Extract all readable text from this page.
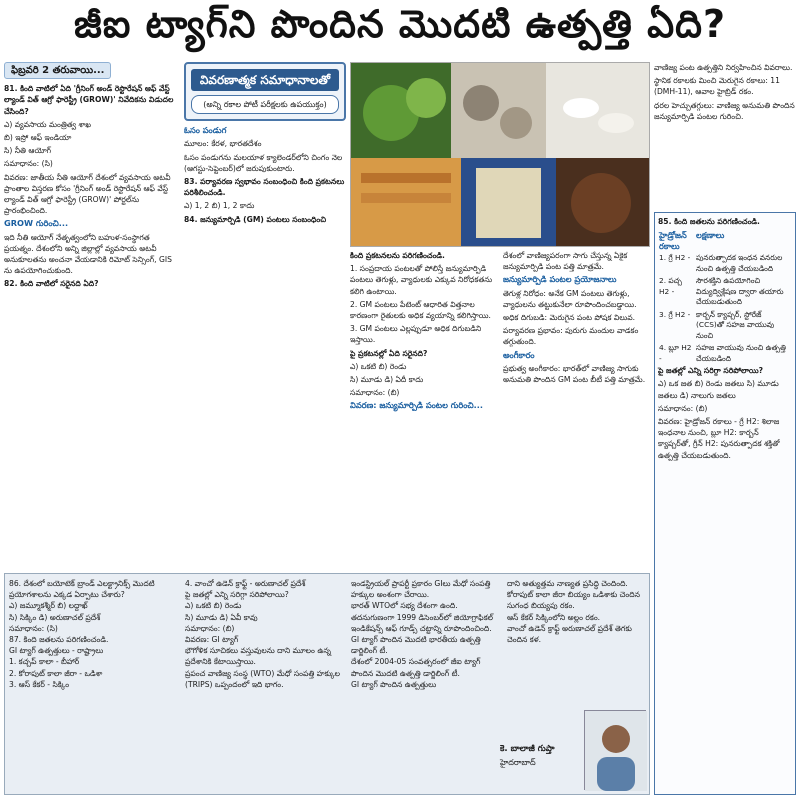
జీఐ ట్యాగ్‌ని పొందిన మొదటి ఉత్పత్తి ఏది?
ఫిబ్రవరి 2 తరువాయి...

81. కింది వాటిలో ఏది 'గ్రీనింగ్ అండ్ రెస్టొరేషన్ ఆఫ్ వేస్ట్ ల్యాండ్ విత్ ఆగ్రో ఫారెస్ట్రీ (GROW)' నివేదికను విడుదల చేసింది?

ఎ) వ్యవసాయ మంత్రిత్వ శాఖ

బి) ఇస్రో ఆఫ్ ఇండియా

సి) నీతి ఆయోగ్

సమాధానం: (సి)

వివరణ: జాతీయ నీతి ఆయోగ్ దేశంలో వ్యవసాయ అటవీ ప్రాంతాల విస్తరణ కోసం 'గ్రీనింగ్ అండ్ రెస్టొరేషన్ ఆఫ్ వేస్ట్ ల్యాండ్ విత్ ఆగ్రో ఫారెస్ట్రీ (GROW)' పోర్టల్‌ను ప్రారంభించింది.

GROW గురించి...

ఇది నీతి ఆయోగ్ నేతృత్వంలోని బహుళ-సంస్థాగత ప్రయత్నం. దేశంలోని అన్ని జిల్లాల్లో వ్యవసాయ అటవీ అనుకూలతను అంచనా వేయడానికి రిమోట్ సెన్సింగ్, GIS ను ఉపయోగించుకుంది.

82. కింది వాటిలో సరైనది ఏది?

వివరణాత్మక సమాధానాలతో
(అన్ని రకాల పోటీ పరీక్షలకు ఉపయుక్తం)

ఓసం పండుగ

మూలం: కేరళ, భారతదేశం

ఓసం పండుగను మలయాళ క్యాలెండర్‌లోని చింగం నెల (ఆగస్టు-సెప్టెంబర్)లో జరుపుకుంటారు.

83. పర్యావరణ స్వభావం సంబంధించి కింది ప్రకటనలు పరిశీలించండి.

ఎ) 1, 2 బి) 1, 2 కాదు

84. జన్యుమార్పిడి (GM) పంటలు సంబంధించి

కింది ప్రకటనలను పరిగణించండి.

1. సంప్రదాయ పంటలతో పోలిస్తే జన్యుమార్పిడి పంటలు తెగుళ్లు, వ్యాధులకు ఎక్కువ నిరోధకతను కలిగి ఉంటాయి.

2. GM పంటలు పేటెంట్ ఆధారిత విత్తనాల కారణంగా రైతులకు అధిక వ్యయాన్ని కలిగిస్తాయి.

3. GM పంటలు ఎల్లప్పుడూ అధిక దిగుబడిని ఇస్తాయి.

పై ప్రకటనల్లో ఏది సరైనది?

ఎ) ఒకటి బి) రెండు

సి) మూడు డి) ఏదీ కాదు

సమాధానం: (బి)

వివరణ: జన్యుమార్పిడి పంటల గురించి...

దేశంలో వాణిజ్యపరంగా సాగు చేస్తున్న ఏకైక జన్యుమార్పిడి పంట పత్తి మాత్రమే.

జన్యుమార్పిడి పంటల ప్రయోజనాలు

తెగుళ్ల నిరోధం: అనేక GM పంటలు తెగుళ్లు, వ్యాధులను తట్టుకునేలా రూపొందించబడ్డాయి.

అధిక దిగుబడి: మెరుగైన పంట పోషక విలువ.

పర్యావరణ ప్రభావం: పురుగు మందుల వాడకం తగ్గుతుంది.

అంగీకారం

ప్రభుత్వ అంగీకారం: భారత్‌లో వాణిజ్య సాగుకు అనుమతి పొందిన GM పంట బీటీ పత్తి మాత్రమే.

వాణిజ్య పంట ఉత్పత్తిని నిర్వహించిన వివరాలు.

స్థానిక రకాలకు మించి మెరుగైన రకాలు: 11 (DMH-11), ఆవాల హైబ్రిడ్ రకం.

ధరల హెచ్చుతగ్గులు: వాణిజ్య అనుమతి పొందిన జన్యుమార్పిడి పంటల గురించి.

85. కింది జతలను పరిగణించండి.

హైడ్రోజన్ రకాలు	లక్షణాలు
1. గ్రే H2 -	పునరుత్పాదక ఇంధన వనరుల నుంచి ఉత్పత్తి చేయబడింది
2. పచ్చ H2 -	సౌరశక్తిని ఉపయోగించి విద్యుద్విశ్లేషణ ద్వారా తయారు చేయబడుతుంది
3. గ్రే H2 -	కార్బన్ క్యాప్చర్, స్టోరేజ్ (CCS)తో సహజ వాయువు నుంచి
4. బ్లూ H2 -	సహజ వాయువు నుంచి ఉత్పత్తి చేయబడింది

పై జతల్లో ఎన్ని సరిగ్గా సరిపోలాయి?

ఎ) ఒక జత బి) రెండు జతలు సి) మూడు జతలు డి) నాలుగు జతలు

సమాధానం: (బి)

వివరణ: హైడ్రోజన్ రకాలు - గ్రే H2: శిలాజ ఇంధనాల నుంచి, బ్లూ H2: కార్బన్ క్యాప్చర్‌తో, గ్రీన్ H2: పునరుత్పాదక శక్తితో ఉత్పత్తి చేయబడుతుంది.

86. దేశంలో బయోటెక్ బ్రాండ్ ఎలక్ట్రానిక్స్ మొదటి ప్రయోగశాలను ఎక్కడ ఏర్పాటు చేశారు?

ఎ) జమ్మూకశ్మీర్ బి) లద్దాఖ్

సి) సిక్కిం డి) అరుణాచల్ ప్రదేశ్

సమాధానం: (సి)

87. కింది జతలను పరిగణించండి.

GI ట్యాగ్ ఉత్పత్తులు - రాష్ట్రాలు

1. కచ్చప్ కాలా - బీహార్

2. కోరాపుట్ కాలా జీరా - ఒడిశా

3. ఆస్ కేకర్ - సిక్కిం

4. వాంచో ఉడెన్ క్రాఫ్ట్ - అరుణాచల్ ప్రదేశ్

పై జతల్లో ఎన్ని సరిగ్గా సరిపోలాయి?

ఎ) ఒకటి బి) రెండు

సి) మూడు డి) ఏవీ కావు

సమాధానం: (బి)

వివరణ: GI ట్యాగ్

భౌగోళిక సూచికలు వస్తువులను దాని మూలం ఉన్న ప్రదేశానికి కేటాయిస్తాయి.

ప్రపంచ వాణిజ్య సంస్థ (WTO) మేధో సంపత్తి హక్కుల (TRIPS) ఒప్పందంలో ఇది భాగం.

ఇండస్ట్రియల్ ప్రాపర్టీ ప్రకారం GIలు మేధో సంపత్తి హక్కుల అంశంగా చేరాయి.

భారత్ WTOలో సభ్య దేశంగా ఉంది. తదనుగుణంగా 1999 డిసెంబర్‌లో జియోగ్రాఫికల్ ఇండికేషన్స్ ఆఫ్ గూడ్స్ చట్టాన్ని రూపొందించింది.

GI ట్యాగ్ పొందిన మొదటి భారతీయ ఉత్పత్తి డార్జిలింగ్ టీ.

దేశంలో 2004-05 సంవత్సరంలో జీఐ ట్యాగ్ పొందిన మొదటి ఉత్పత్తి డార్జిలింగ్ టీ.

GI ట్యాగ్ పొందిన ఉత్పత్తులు

దాని అత్యుత్తమ నాణ్యత ప్రసిద్ధి చెందింది.

కోరాపుట్ కాలా జీరా బియ్యం ఒడిశాకు చెందిన సుగంధ బియ్యపు రకం.

ఆస్ కేకర్ సిక్కింలోని అల్లం రకం.

వాంచో ఉడెన్ క్రాఫ్ట్ అరుణాచల్ ప్రదేశ్ తెగకు చెందిన కళ.

కె. బాలాజీ గుప్తా
హైదరాబాద్
